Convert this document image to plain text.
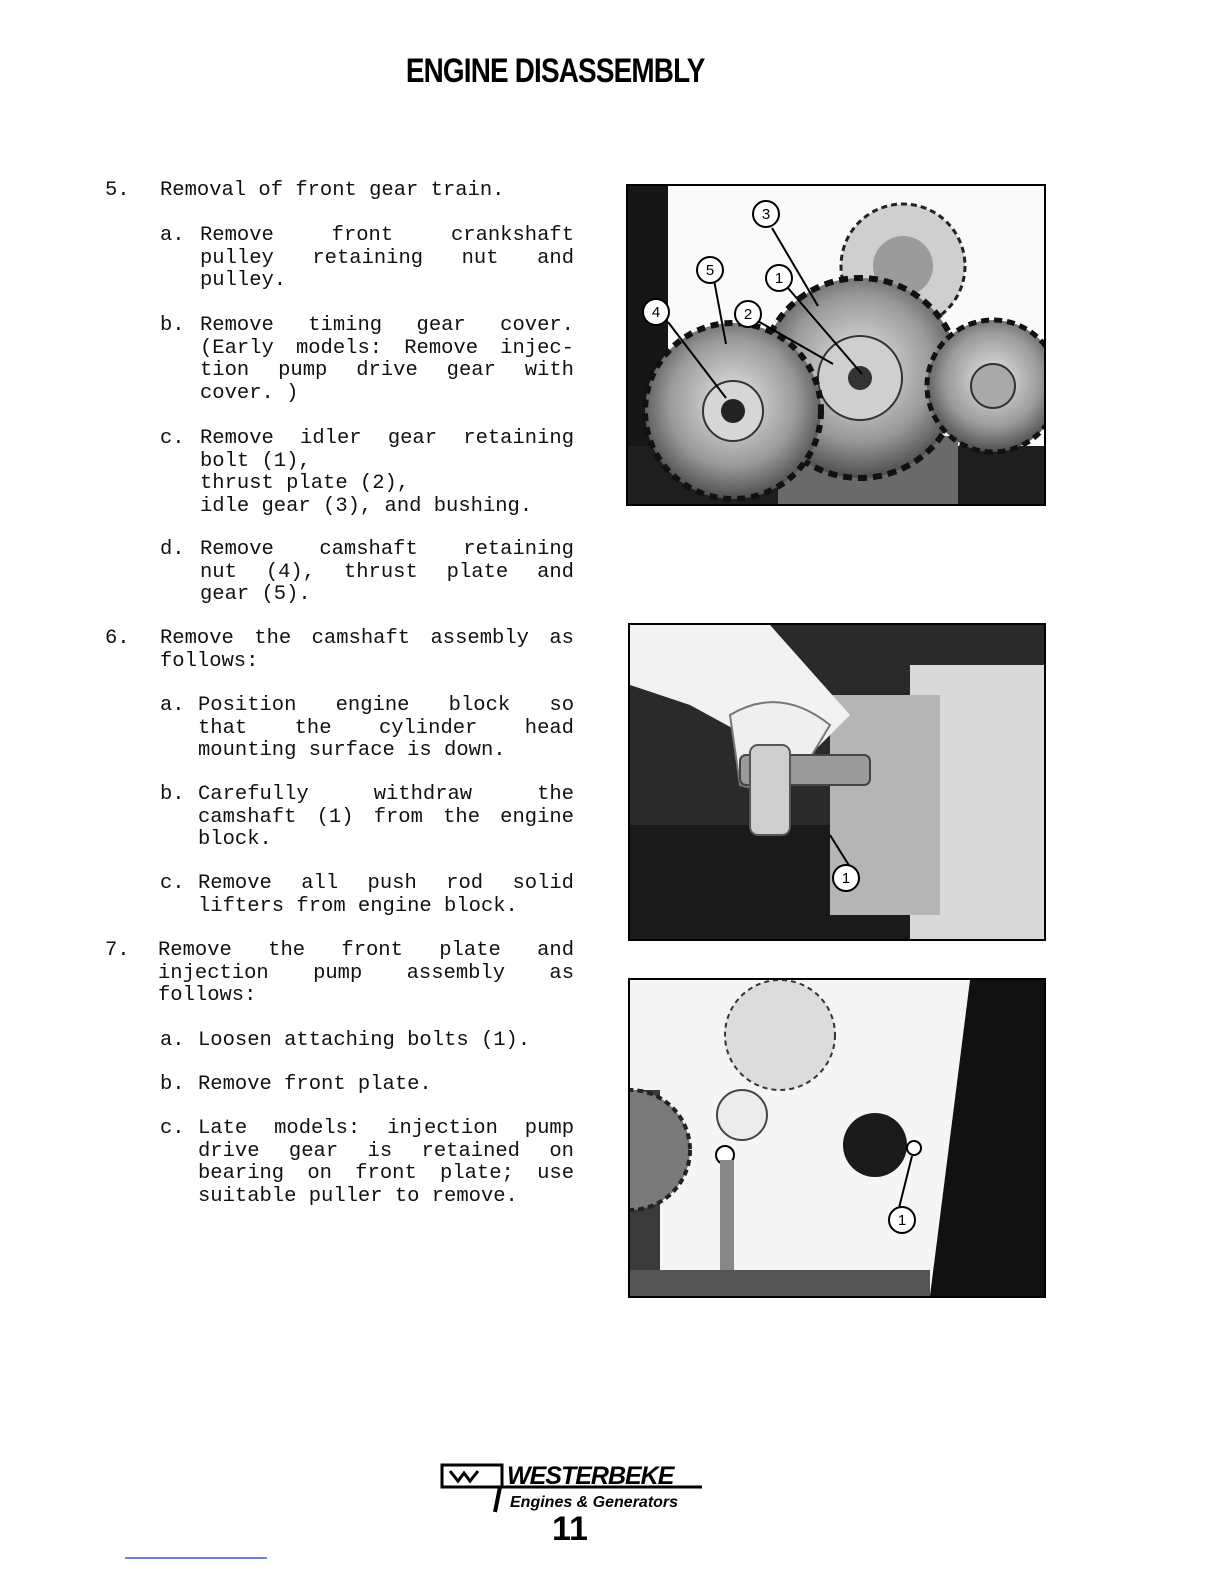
ENGINE DISASSEMBLY
5. Removal of front gear train.
a. Remove front crankshaft
pulley retaining nut and
pulley.
b. Remove timing gear cover.
(Early models: Remove injec-
tion pump drive gear with
cover. )
c. Remove idler gear retaining
bolt (1),
thrust plate (2),
idle gear (3), and bushing.
d. Remove camshaft retaining
nut (4), thrust plate and
gear (5).
6. Remove the camshaft assembly as
follows:
a. Position engine block so
that the cylinder head
mounting surface is down.
b. Carefully withdraw the
camshaft (1) from the engine
block.
c. Remove all push rod solid
lifters from engine block.
7. Remove the front plate and
injection pump assembly as
follows:
a. Loosen attaching bolts (1).
b. Remove front plate.
c. Late models: injection pump
drive gear is retained on
bearing on front plate; use
suitable puller to remove.
3
5	1
2
4
1
1
WESTERBEKE
Engines & Generators
11
